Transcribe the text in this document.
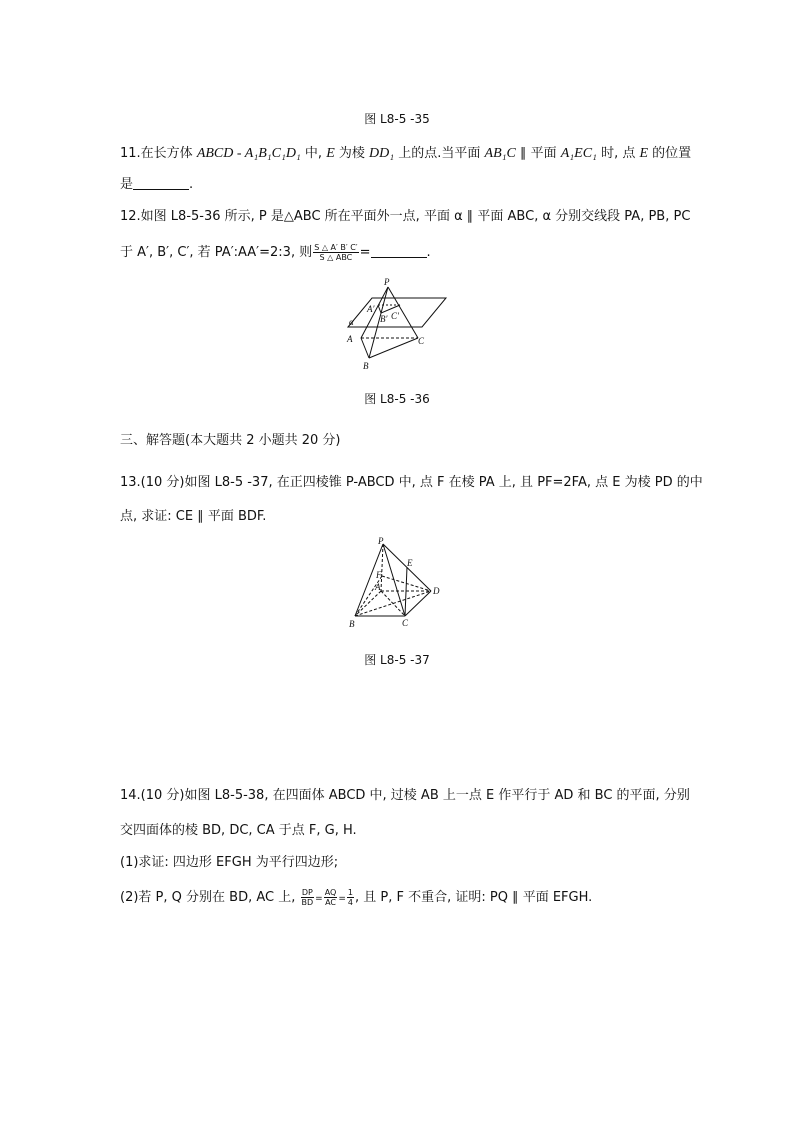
图 L8-5 -35
11.在长方体 ABCD - A₁B₁C₁D₁ 中, E 为棱 DD₁ 上的点.当平面 AB₁C ∥ 平面 A₁EC₁ 时, 点 E 的位置
是	.
12.如图 L8-5-36 所示, P 是△ABC 所在平面外一点, 平面 α ∥ 平面 ABC, α 分别交线段 PA, PB, PC
于 A′, B′, C′, 若 PA′:AA′=2:3, 则 $\frac{S \triangle A' B' C'}{\text{S △ ABC}}$ =	.
P
A′
B′ C′
α
A
B
C
图 L8-5 -36
三、解答题(本大题共 2 小题共 20 分)
13.(10 分)如图 L8-5 -37, 在正四棱锥 P-ABCD 中, 点 F 在棱 PA 上, 且 PF=2FA, 点 E 为棱 PD 的中
点, 求证: CE ∥ 平面 BDF.
P
E
F
A	D
B	C
图 L8-5 -37
14.(10 分)如图 L8-5-38, 在四面体 ABCD 中, 过棱 AB 上一点 E 作平行于 AD 和 BC 的平面, 分别
交四面体的棱 BD, DC, CA 于点 F, G, H.
(1)求证: 四边形 EFGH 为平行四边形;
(2)若 P, Q 分别在 BD, AC 上, $\frac{DP}{BD} = \frac{AQ}{AC} = \frac{1}{4}$ , 且 P, F 不重合, 证明: PQ ∥ 平面 EFGH.
